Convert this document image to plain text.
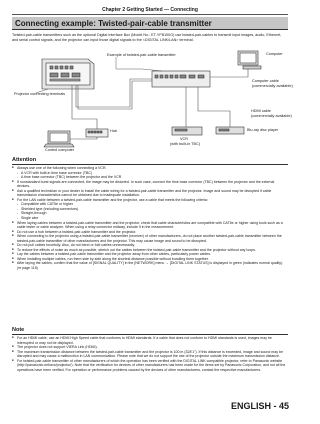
Chapter 2 Getting Started — Connecting
Connecting example: Twisted-pair-cable transmitter
Twisted-pair-cable transmitters such as the optional Digital Interface Box (Model No.: ET-YFB100G) use twisted-pair-cables to transmit input images, audio, Ethernet, and serial control signals, and the projector can input those digital signals to the <DIGITAL LINK/LAN> terminal.
Computer
Computer cable
(commercially available)
Example of twisted-pair-cable transmitter
Projector connecting terminals
HDMI cable
(commercially available)
Hub
VCR
(with built-in TBC)
Blu-ray disc player
Control computer
Attention
■ Always use one of the following when connecting a VCR.
- A VCR with built-in time base corrector (TBC)
- A time base corrector (TBC) between the projector and the VCR
■ If nonstandard burst signals are connected, the image may be distorted. In such case, connect the time base corrector (TBC) between the projector and the external devices.
■ Ask a qualified technician or your dealer to install the cable wiring for a twisted-pair-cable transmitter and the projector. Image and sound may be disrupted if cable transmission characteristics cannot be obtained due to inadequate installation.
■ For the LAN cable between a twisted-pair-cable transmitter and the projector, use a cable that meets the following criteria:
- Compatible with CAT5e or higher
- Shielded type (including connectors)
- Straight-through
- Single wire
■ When laying cables between a twisted-pair-cable transmitter and the projector, check that cable characteristics are compatible with CAT5e or higher using tools such as a cable tester or cable analyzer. When using a relay connector midway, include it in the measurement.
■ Do not use a hub between a twisted-pair-cable transmitter and the projector.
■ When connecting to the projector using a twisted-pair-cable transmitter (receiver) of other manufacturers, do not place another twisted-pair-cable transmitter between the twisted-pair-cable transmitter of other manufacturers and the projector. This may cause image and sound to be disrupted.
■ Do not pull cables forcefully. Also, do not bend or fold cables unnecessarily.
■ To reduce the effects of noise as much as possible, stretch out the cables between the twisted-pair-cable transmitter and the projector without any loops.
■ Lay the cables between a twisted-pair-cable transmitter and the projector away from other cables, particularly power cables.
■ When installing multiple cables, run them side by side along the shortest distance possible without bundling them together.
■ After laying the cables, confirm that the value of [SIGNAL QUALITY] in the [NETWORK] menu → [DIGITAL LINK STATUS] is displayed in green (indicates normal quality). (➡ page 115)
Note
■ For an HDMI cable, use an HDMI High Speed cable that conforms to HDMI standards. If a cable that does not conform to HDMI standards is used, images may be interrupted or may not be displayed.
■ The projector does not support VIERA Link (HDMI).
■ The maximum transmission distance between the twisted-pair-cable transmitter and the projector is 100 m (328'1"). If this distance is exceeded, image and sound may be disrupted and may cause a malfunction in LAN communication. Please note that we do not support the use of the projector outside the maximum transmission distance.
■ For twisted-pair-cable transmitter of other manufacturers of which the operation has been verified with the DIGITAL LINK compatible projector, refer to Panasonic website (http://panasonic.net/avc/projector/). Note that the verification for devices of other manufacturers has been made for the items set by Panasonic Corporation, and not all the operations have been verified. For operation or performance problems caused by the devices of other manufacturers, contact the respective manufacturers.
ENGLISH - 45
